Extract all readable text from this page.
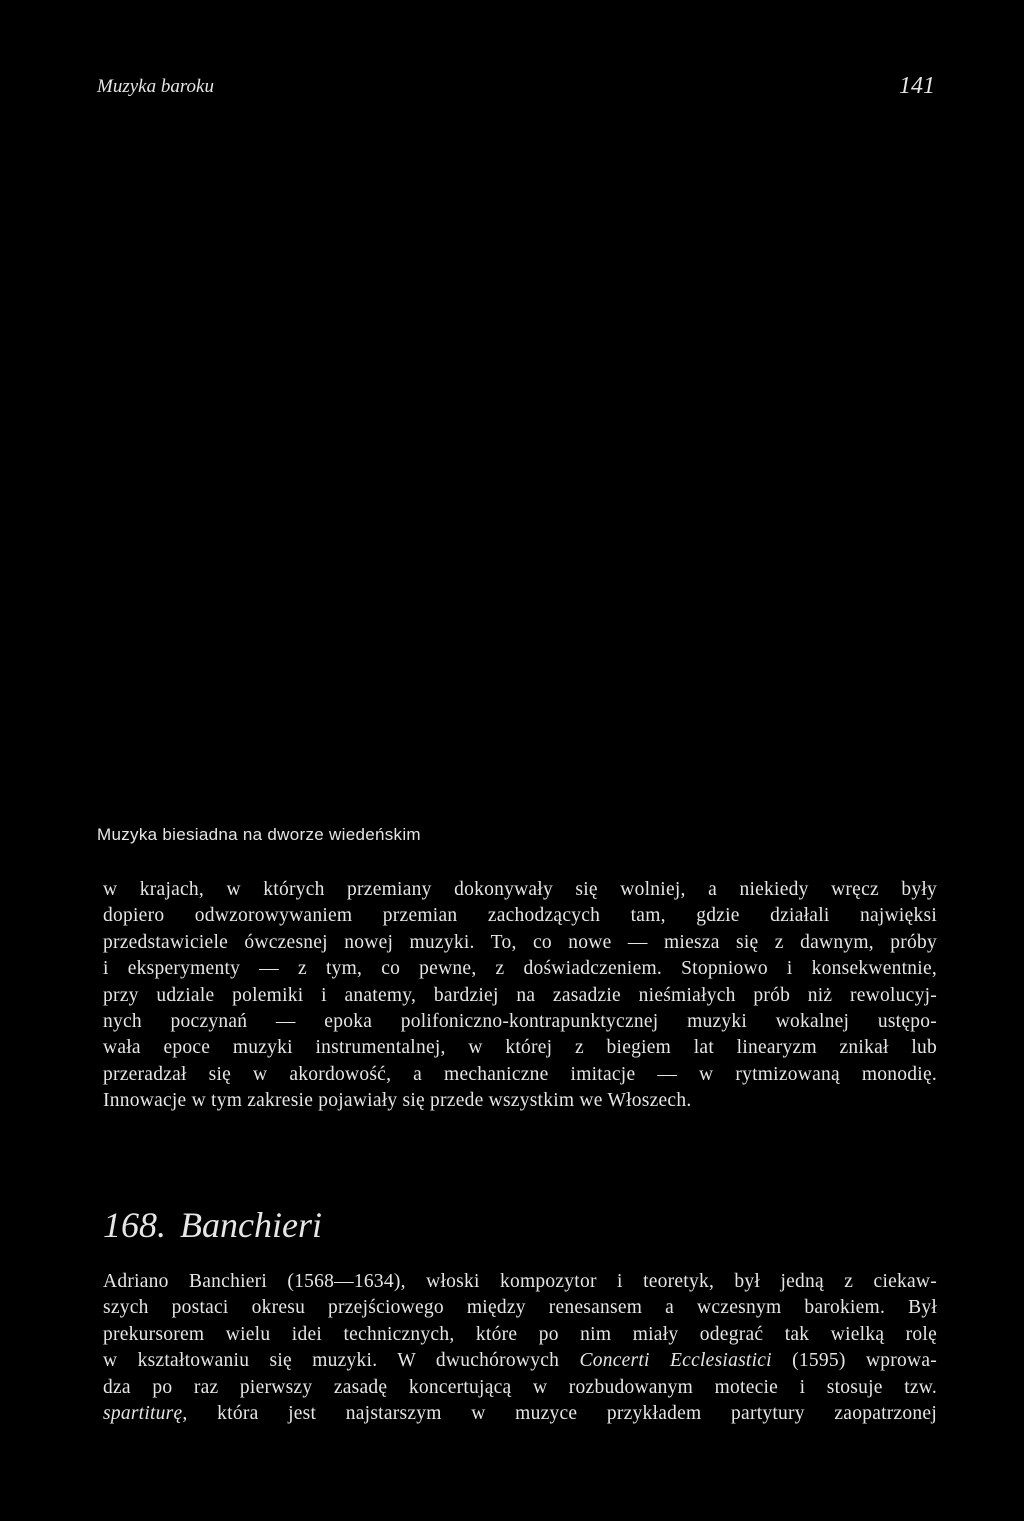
Muzyka baroku	141
Muzyka biesiadna na dworze wiedeńskim
w krajach, w których przemiany dokonywały się wolniej, a niekiedy wręcz były
dopiero odwzorowywaniem przemian zachodzących tam, gdzie działali najwięksi
przedstawiciele ówczesnej nowej muzyki. To, co nowe — miesza się z dawnym, próby
i eksperymenty — z tym, co pewne, z doświadczeniem. Stopniowo i konsekwentnie,
przy udziale polemiki i anatemy, bardziej na zasadzie nieśmiałych prób niż rewolucyj-
nych poczynań — epoka polifoniczno-kontrapunktycznej muzyki wokalnej ustępo-
wała epoce muzyki instrumentalnej, w której z biegiem lat linearyzm znikał lub
przeradzał się w akordowość, a mechaniczne imitacje — w rytmizowaną monodię.
Innowacje w tym zakresie pojawiały się przede wszystkim we Włoszech.
168. Banchieri
Adriano Banchieri (1568—1634), włoski kompozytor i teoretyk, był jedną z ciekaw-
szych postaci okresu przejściowego między renesansem a wczesnym barokiem. Był
prekursorem wielu idei technicznych, które po nim miały odegrać tak wielką rolę
w kształtowaniu się muzyki. W dwuchórowych Concerti Ecclesiastici (1595) wprowa-
dza po raz pierwszy zasadę koncertującą w rozbudowanym motecie i stosuje tzw.
spartiturę, która jest najstarszym w muzyce przykładem partytury zaopatrzonej
